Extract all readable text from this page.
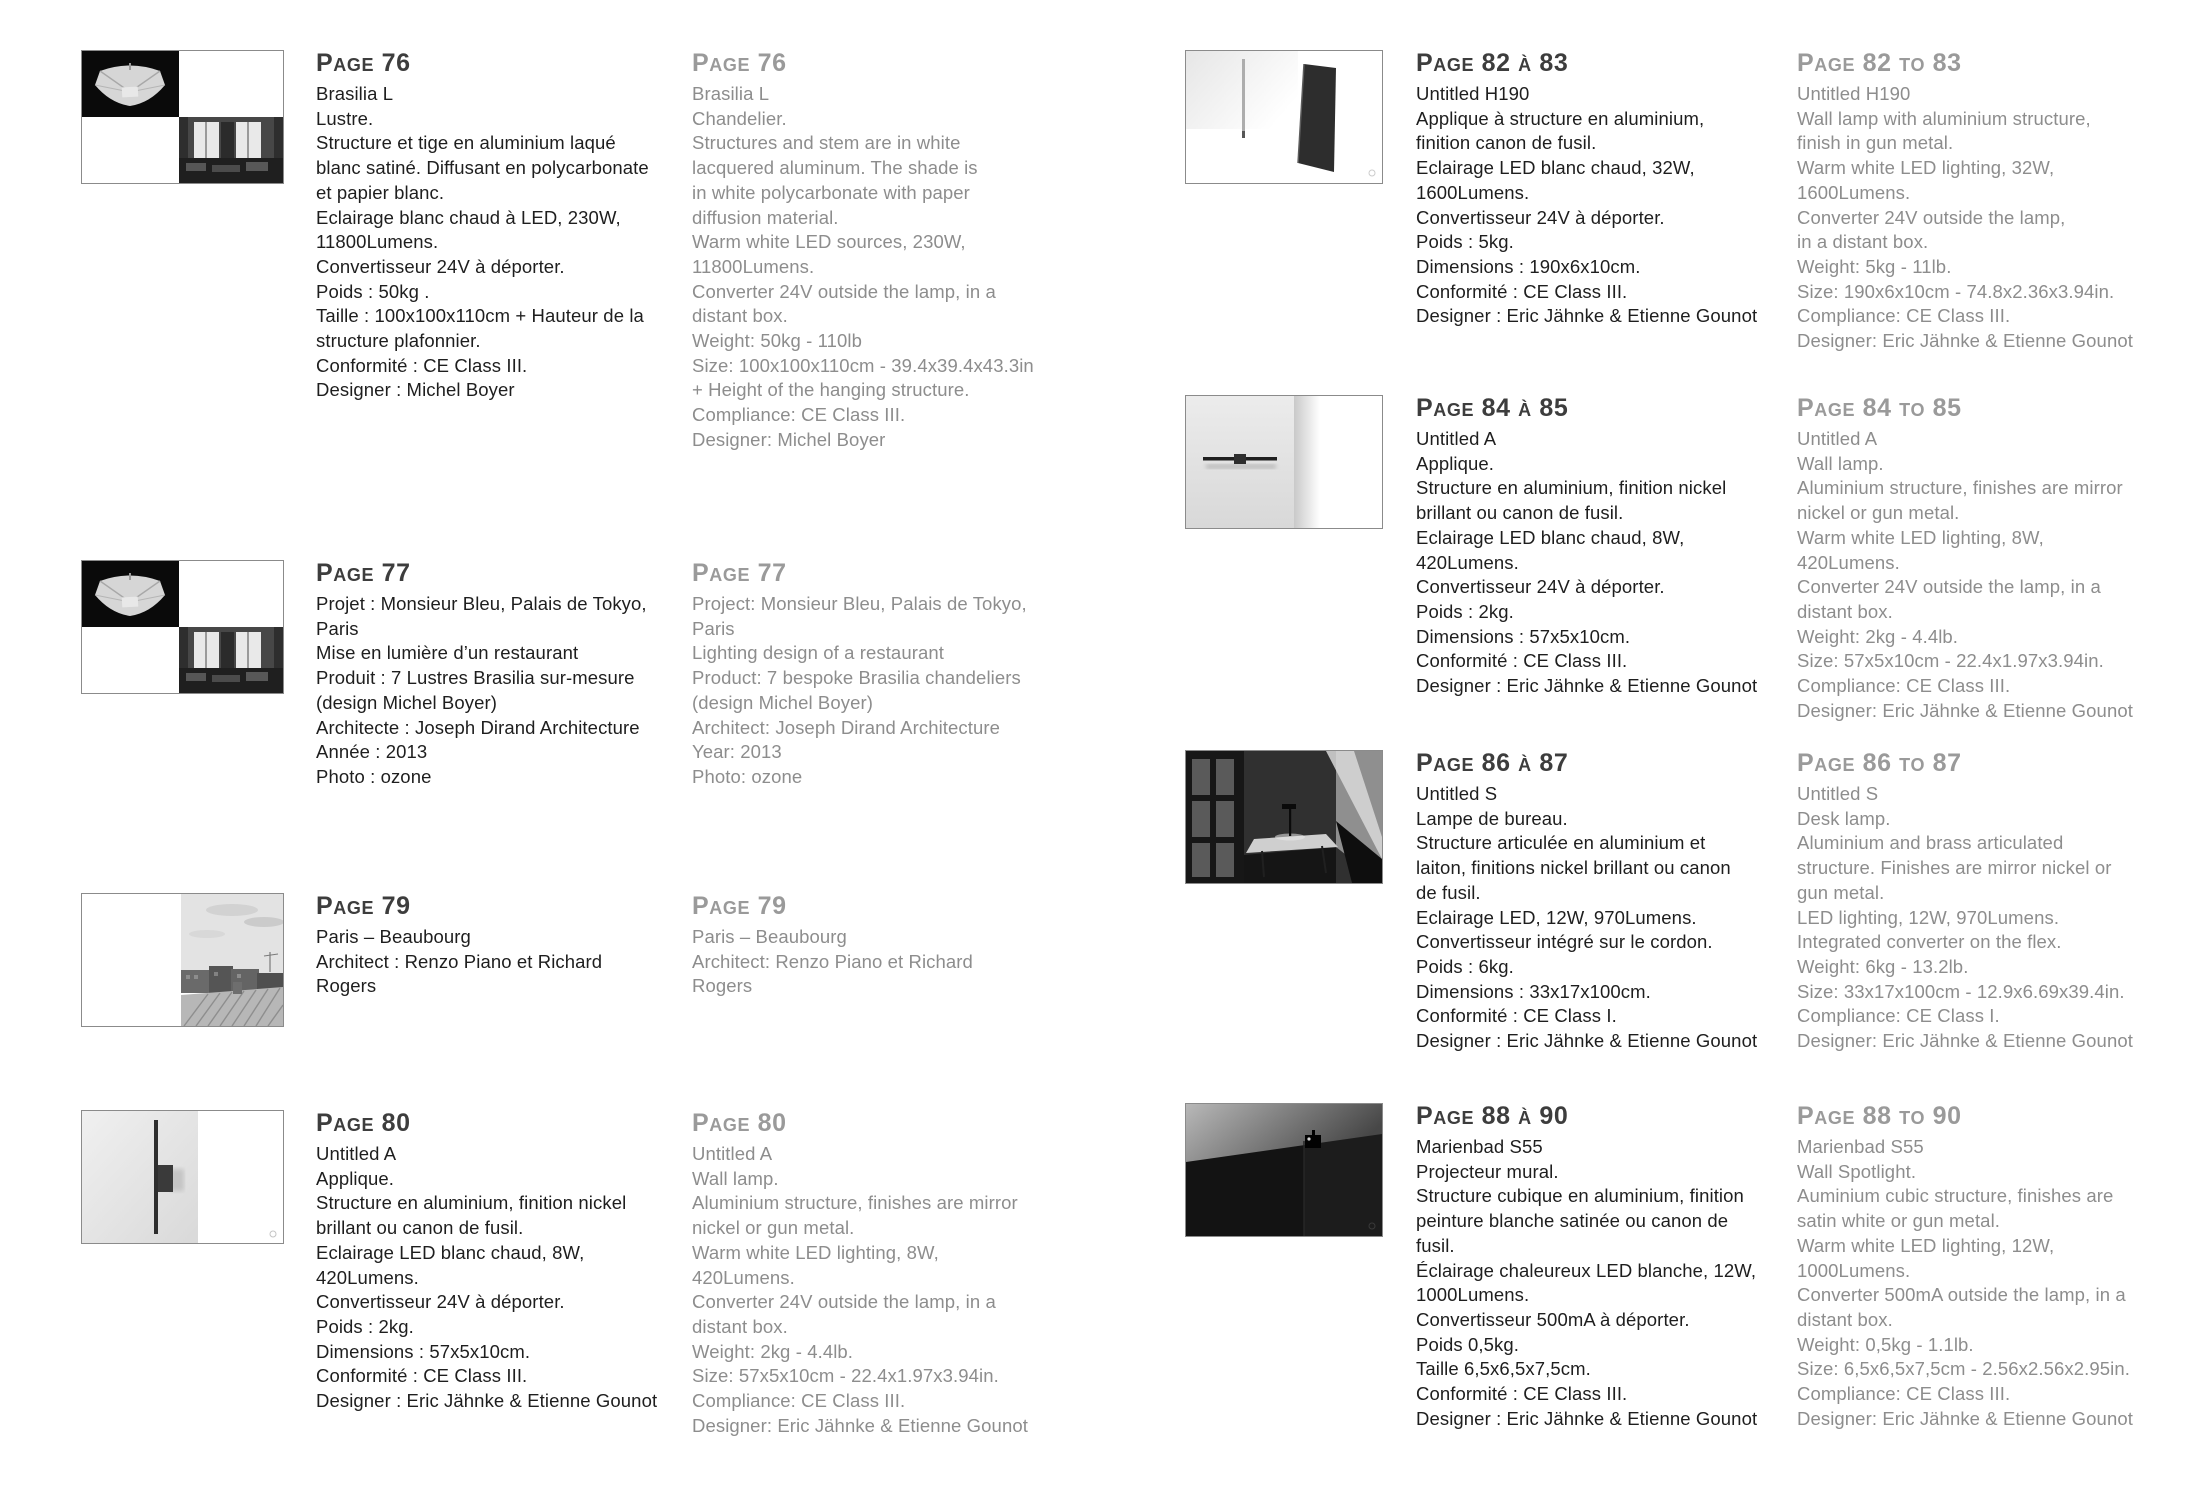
Page 76
Brasilia L
Lustre.
Structure et tige en aluminium laqué
blanc satiné. Diffusant en polycarbonate
et papier blanc.
Eclairage blanc chaud à LED, 230W,
11800Lumens.
Convertisseur 24V à déporter.
Poids : 50kg .
Taille : 100x100x110cm + Hauteur de la
structure plafonnier.
Conformité : CE Class III.
Designer : Michel Boyer
Page 76
Brasilia L
Chandelier.
Structures and stem are in white
lacquered aluminum. The shade is
in white polycarbonate with paper
diffusion material.
Warm white LED sources, 230W,
11800Lumens.
Converter 24V outside the lamp, in a
distant box.
Weight: 50kg - 110lb
Size: 100x100x110cm - 39.4x39.4x43.3in
+ Height of the hanging structure.
Compliance: CE Class III.
Designer: Michel Boyer
Page 77
Projet : Monsieur Bleu, Palais de Tokyo,
Paris
Mise en lumière d’un restaurant
Produit : 7 Lustres Brasilia sur-mesure
(design Michel Boyer)
Architecte : Joseph Dirand Architecture
Année : 2013
Photo : ozone
Page 77
Project: Monsieur Bleu, Palais de Tokyo,
Paris
Lighting design of a restaurant
Product: 7 bespoke Brasilia chandeliers
(design Michel Boyer)
Architect: Joseph Dirand Architecture
Year: 2013
Photo: ozone
Page 79
Paris – Beaubourg
Architect : Renzo Piano et Richard
Rogers
Page 79
Paris – Beaubourg
Architect: Renzo Piano et Richard
Rogers
Page 80
Untitled A
Applique.
Structure en aluminium, finition nickel
brillant ou canon de fusil.
Eclairage LED blanc chaud, 8W,
420Lumens.
Convertisseur 24V à déporter.
Poids : 2kg.
Dimensions : 57x5x10cm.
Conformité : CE Class III.
Designer : Eric Jähnke & Etienne Gounot
Page 80
Untitled A
Wall lamp.
Aluminium structure, finishes are mirror
nickel or gun metal.
Warm white LED lighting, 8W,
420Lumens.
Converter 24V outside the lamp, in a
distant box.
Weight: 2kg - 4.4lb.
Size: 57x5x10cm - 22.4x1.97x3.94in.
Compliance: CE Class III.
Designer: Eric Jähnke & Etienne Gounot
Page 82 à 83
Untitled H190
Applique à structure en aluminium,
finition canon de fusil.
Eclairage LED blanc chaud, 32W,
1600Lumens.
Convertisseur 24V à déporter.
Poids : 5kg.
Dimensions : 190x6x10cm.
Conformité : CE Class III.
Designer : Eric Jähnke & Etienne Gounot
Page 82 to 83
Untitled H190
Wall lamp with aluminium structure,
finish in gun metal.
Warm white LED lighting, 32W,
1600Lumens.
Converter 24V outside the lamp,
in a distant box.
Weight: 5kg - 11lb.
Size: 190x6x10cm - 74.8x2.36x3.94in.
Compliance: CE Class III.
Designer: Eric Jähnke & Etienne Gounot
Page 84 à 85
Untitled A
Applique.
Structure en aluminium, finition nickel
brillant ou canon de fusil.
Eclairage LED blanc chaud, 8W,
420Lumens.
Convertisseur 24V à déporter.
Poids : 2kg.
Dimensions : 57x5x10cm.
Conformité : CE Class III.
Designer : Eric Jähnke & Etienne Gounot
Page 84 to 85
Untitled A
Wall lamp.
Aluminium structure, finishes are mirror
nickel or gun metal.
Warm white LED lighting, 8W,
420Lumens.
Converter 24V outside the lamp, in a
distant box.
Weight: 2kg - 4.4lb.
Size: 57x5x10cm - 22.4x1.97x3.94in.
Compliance: CE Class III.
Designer: Eric Jähnke & Etienne Gounot
Page 86 à 87
Untitled S
Lampe de bureau.
Structure articulée en aluminium et
laiton, finitions nickel brillant ou canon
de fusil.
Eclairage LED, 12W, 970Lumens.
Convertisseur intégré sur le cordon.
Poids : 6kg.
Dimensions : 33x17x100cm.
Conformité : CE Class I.
Designer : Eric Jähnke & Etienne Gounot
Page 86 to 87
Untitled S
Desk lamp.
Aluminium and brass articulated
structure. Finishes are mirror nickel or
gun metal.
LED lighting, 12W, 970Lumens.
Integrated converter on the flex.
Weight: 6kg - 13.2lb.
Size: 33x17x100cm - 12.9x6.69x39.4in.
Compliance: CE Class I.
Designer: Eric Jähnke & Etienne Gounot
Page 88 à 90
Marienbad S55
Projecteur mural.
Structure cubique en aluminium, finition
peinture blanche satinée ou canon de
fusil.
Éclairage chaleureux LED blanche, 12W,
1000Lumens.
Convertisseur 500mA à déporter.
Poids 0,5kg.
Taille 6,5x6,5x7,5cm.
Conformité : CE Class III.
Designer : Eric Jähnke & Etienne Gounot
Page 88 to 90
Marienbad S55
Wall Spotlight.
Auminium cubic structure, finishes are
satin white or gun metal.
Warm white LED lighting, 12W,
1000Lumens.
Converter 500mA outside the lamp, in a
distant box.
Weight: 0,5kg - 1.1lb.
Size: 6,5x6,5x7,5cm - 2.56x2.56x2.95in.
Compliance: CE Class III.
Designer: Eric Jähnke & Etienne Gounot
